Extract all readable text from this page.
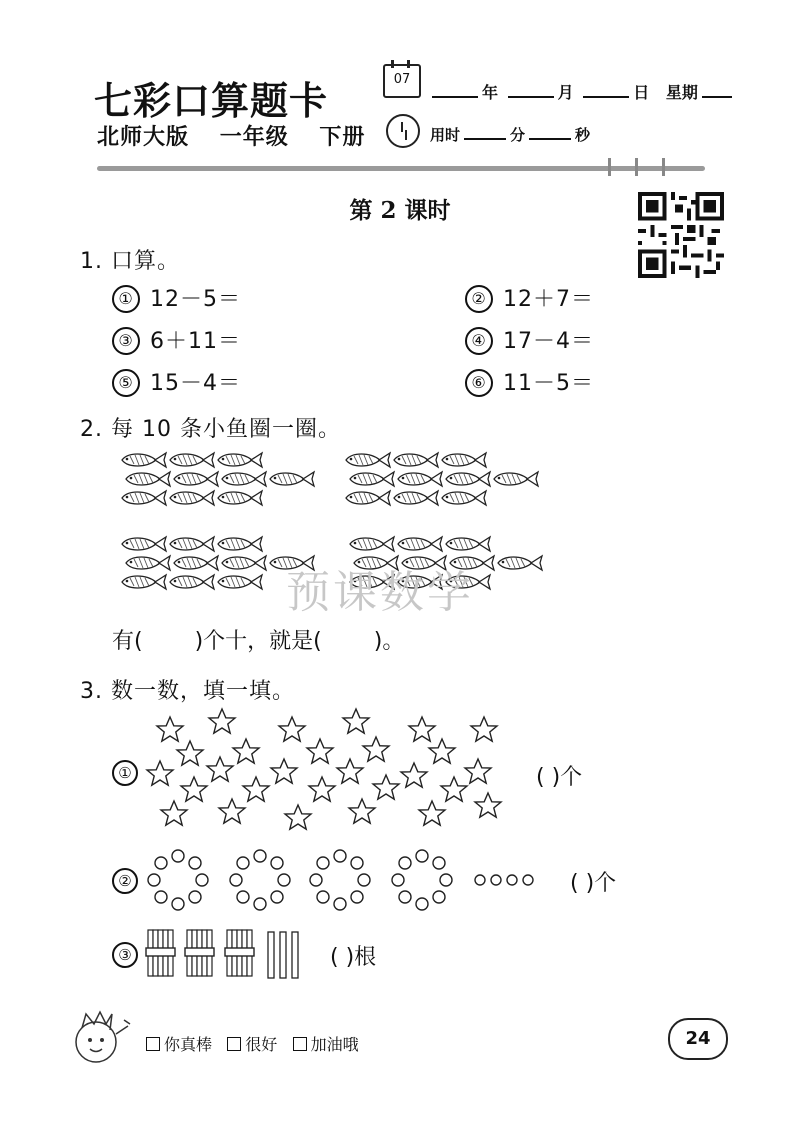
七彩口算题卡
北师大版 一年级 下册
07
年	月	日 星期
用时	分	秒
第 2 课时
1. 口算。
① 12－5＝	② 12＋7＝
③ 6＋11＝	④ 17－4＝
⑤ 15－4＝	⑥ 11－5＝
2. 每 10 条小鱼圈一圈。
预课数学
有( )个十，就是( )。
3. 数一数，填一填。
①
②
③
( )个
( )个
( )根
你真棒 很好 加油哦	24
